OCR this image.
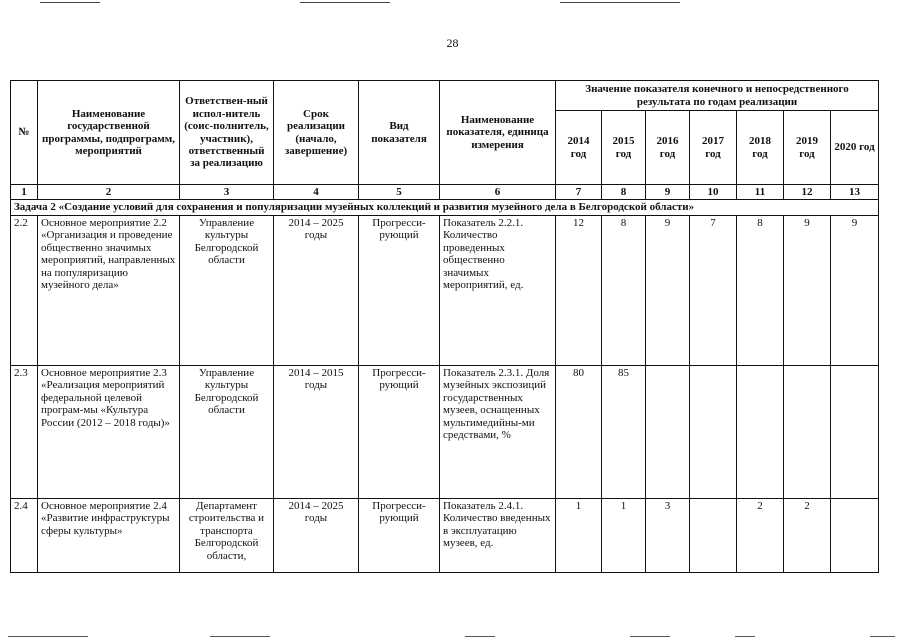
28
№	Наименование государственной программы, подпрограмм, мероприятий	Ответствен-ный испол-нитель (соис-полнитель, участник), ответственный за реализацию	Срок реализации (начало, завершение)	Вид показателя	Наименование показателя, единица измерения	Значение показателя конечного и непосредственного результата по годам реализации						
						2014 год	2015 год	2016 год	2017 год	2018 год	2019 год	2020 год
1	2	3	4	5	6	7	8	9	10	11	12	13
Задача 2 «Создание условий для сохранения и популяризации музейных коллекций и развития музейного дела в Белгородской области»												
2.2	Основное мероприятие 2.2 «Организация и проведение общественно значимых мероприятий, направленных на популяризацию музейного дела»	Управление культуры Белгородской области	2014 – 2025 годы	Прогресси-рующий	Показатель 2.2.1. Количество проведенных общественно значимых мероприятий, ед.	12	8	9	7	8	9	9
2.3	Основное мероприятие 2.3 «Реализация мероприятий федеральной целевой програм-мы «Культура России (2012 – 2018 годы)»	Управление культуры Белгородской области	2014 – 2015 годы	Прогресси-рующий	Показатель 2.3.1. Доля музейных экспозиций государственных музеев, оснащенных мультимедийны-ми средствами, %	80	85					
2.4	Основное мероприятие 2.4 «Развитие инфраструктуры сферы культуры»	Департамент строительства и транспорта Белгородской области,	2014 – 2025 годы	Прогресси-рующий	Показатель 2.4.1. Количество введенных в эксплуатацию музеев, ед.	1	1	3		2	2	
